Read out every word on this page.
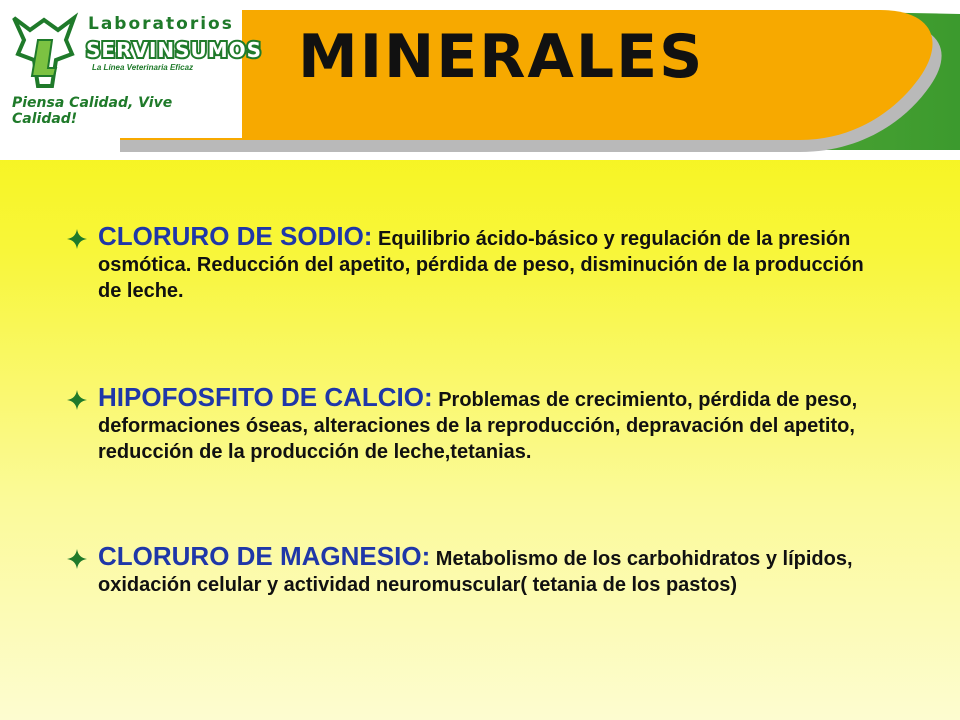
Laboratorios
SERVINSUMOS
La Línea Veterinaria Eficaz
Piensa Calidad, Vive Calidad!
MINERALES

CLORURO DE SODIO: Equilibrio ácido-básico y regulación de la presión osmótica. Reducción del apetito, pérdida de peso, disminución de la producción de leche.

HIPOFOSFITO DE CALCIO: Problemas de crecimiento, pérdida de peso, deformaciones óseas, alteraciones de la reproducción, depravación del apetito, reducción de la producción de leche,tetanias.

CLORURO DE MAGNESIO: Metabolismo de los carbohidratos y lípidos, oxidación celular y actividad neuromuscular( tetania de los pastos)
